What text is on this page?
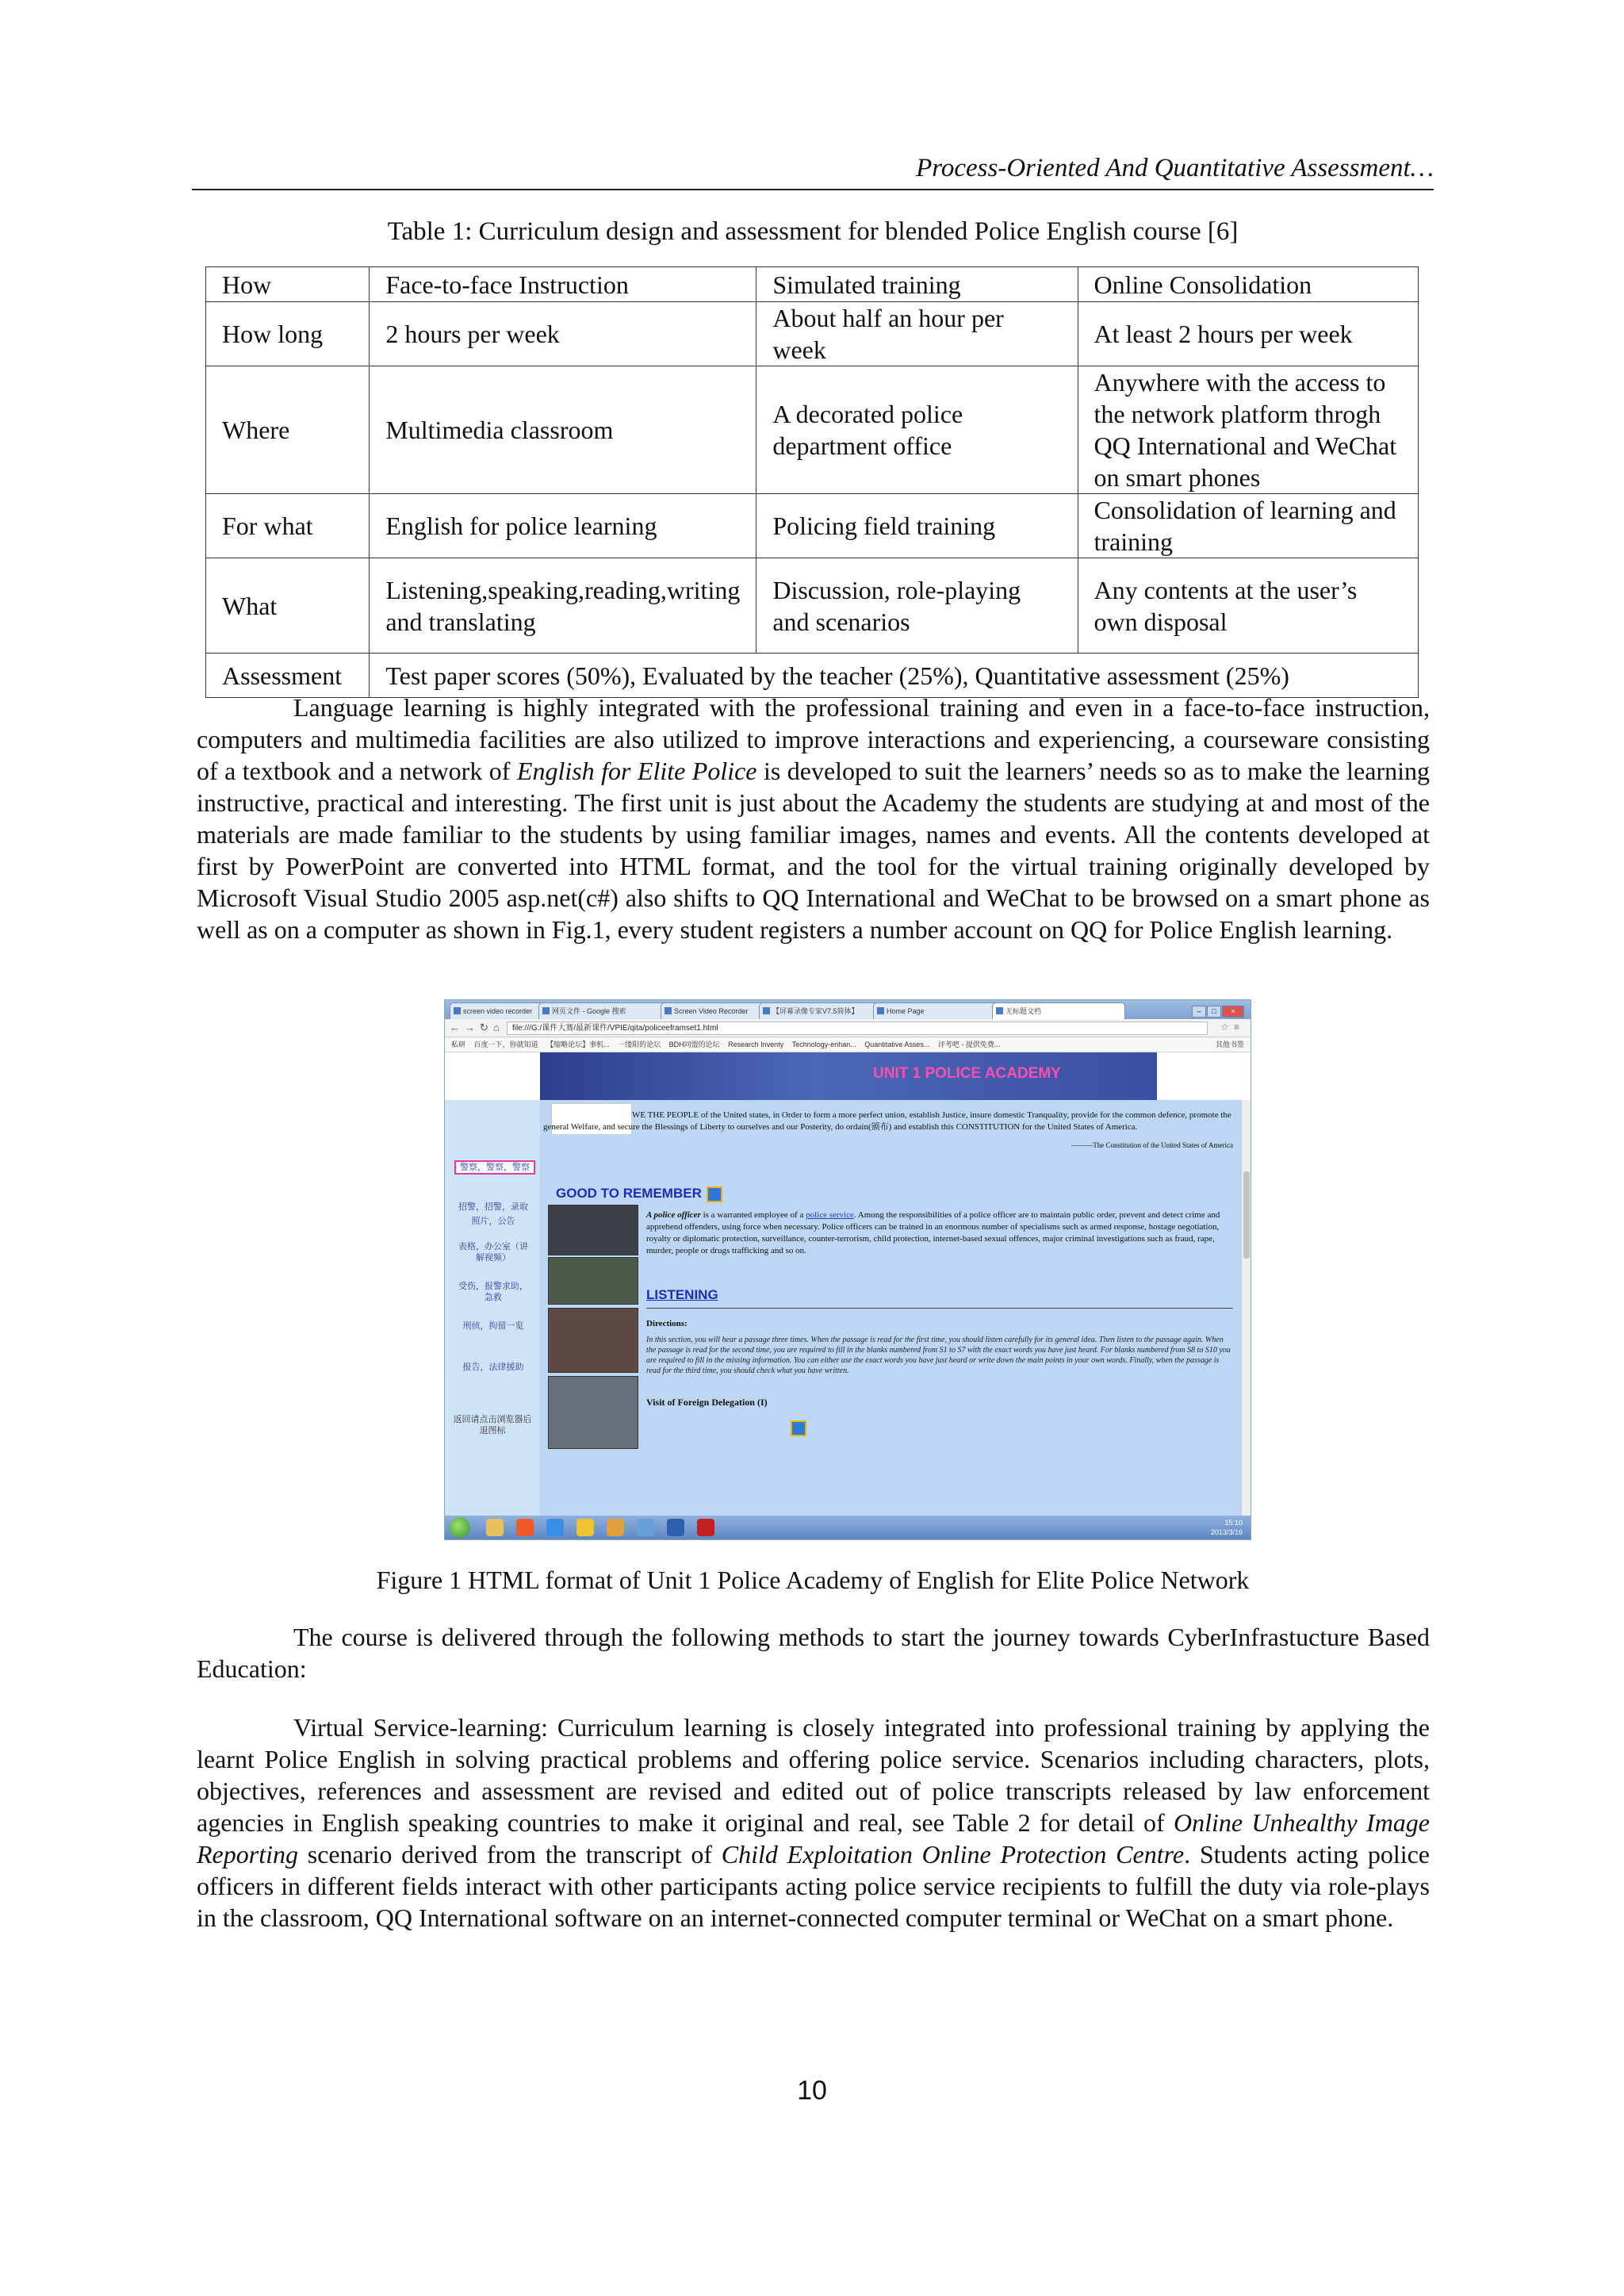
Process-Oriented And Quantitative Assessment…
Table 1: Curriculum design and assessment for blended Police English course [6]
How	Face-to-face Instruction	Simulated training	Online Consolidation
How long	2 hours per week	About half an hour per week	At least 2 hours per week
Where	Multimedia classroom	A decorated police department office	Anywhere with the access to the network platform throgh QQ International and WeChat on smart phones
For what	English for police learning	Policing field training	Consolidation of learning and training
What	Listening,speaking,reading,writing and translating	Discussion, role-playing and scenarios	Any contents at the user’s own disposal
Assessment	Test paper scores (50%), Evaluated by the teacher (25%), Quantitative assessment (25%)		

Language learning is highly integrated with the professional training and even in a face-to-face instruction, computers and multimedia facilities are also utilized to improve interactions and experiencing, a courseware consisting of a textbook and a network of English for Elite Police is developed to suit the learners’ needs so as to make the learning instructive, practical and interesting. The first unit is just about the Academy the students are studying at and most of the materials are made familiar to the students by using familiar images, names and events. All the contents developed at first by PowerPoint are converted into HTML format, and the tool for the virtual training originally developed by Microsoft Visual Studio 2005 asp.net(c#) also shifts to QQ International and WeChat to be browsed on a smart phone as well as on a computer as shown in Fig.1, every student registers a number account on QQ for Police English learning.

screen video recorder	网页文件 - Google 搜索	Screen Video Recorder	【屏幕录像专家V7.5简体】	Home Page	无标题文档	– □ ×
←→↻⌂	file:///G:/课件大赛/最新课件/VPIE/qita/policeeframset1.html	☆≡
私研 百度一下，你就知道 【缩略论坛】事机... 一缕阳的论坛 BDH同盟的论坛 Research Inventy Technology-enhan... Quantitative Asses... 评考吧 - 提供免费...	其他书签
UNIT 1 POLICE ACADEMY
警察，警察，警察
招警，招警，录取
照片，公告
表格，办公室（讲解视频）
受伤，报警求助，急救
刑侦，拘留一览
报告，法律援助
返回请点击浏览器后退图标
WE THE PEOPLE of the United states, in Order to form a more perfect union, establish Justice, insure domestic Tranquality, provide for the common defence, promote the general Welfare, and secure the Blessings of Liberty to ourselves and our Posterity, do ordain(颁布) and establish this CONSTITUTION for the United States of America.
———The Constitution of the United States of America
GOOD TO REMEMBER
A police officer is a warranted employee of a police service. Among the responsibilities of a police officer are to maintain public order, prevent and detect crime and apprehend offenders, using force when necessary. Police officers can be trained in an enormous number of specialisms such as armed response, hostage negotiation, royalty or diplomatic protection, surveillance, counter-terrorism, child protection, internet-based sexual offences, major criminal investigations such as fraud, rape, murder, people or drugs trafficking and so on.
LISTENING
Directions:
In this section, you will hear a passage three times. When the passage is read for the first time, you should listen carefully for its general idea. Then listen to the passage again. When the passage is read for the second time, you are required to fill in the blanks numbered from S1 to S7 with the exact words you have just heard. For blanks numbered from S8 to S10 you are required to fill in the missing information. You can either use the exact words you have just heard or write down the main points in your own words. Finally, when the passage is read for the third time, you should check what you have written.
Visit of Foreign Delegation (I)
15:10
2013/3/16
Figure 1 HTML format of Unit 1 Police Academy of English for Elite Police Network

The course is delivered through the following methods to start the journey towards CyberInfrastucture Based Education:

Virtual Service-learning: Curriculum learning is closely integrated into professional training by applying the learnt Police English in solving practical problems and offering police service. Scenarios including characters, plots, objectives, references and assessment are revised and edited out of police transcripts released by law enforcement agencies in English speaking countries to make it original and real, see Table 2 for detail of Online Unhealthy Image Reporting scenario derived from the transcript of Child Exploitation Online Protection Centre. Students acting police officers in different fields interact with other participants acting police service recipients to fulfill the duty via role-plays in the classroom, QQ International software on an internet-connected computer terminal or WeChat on a smart phone.

10
